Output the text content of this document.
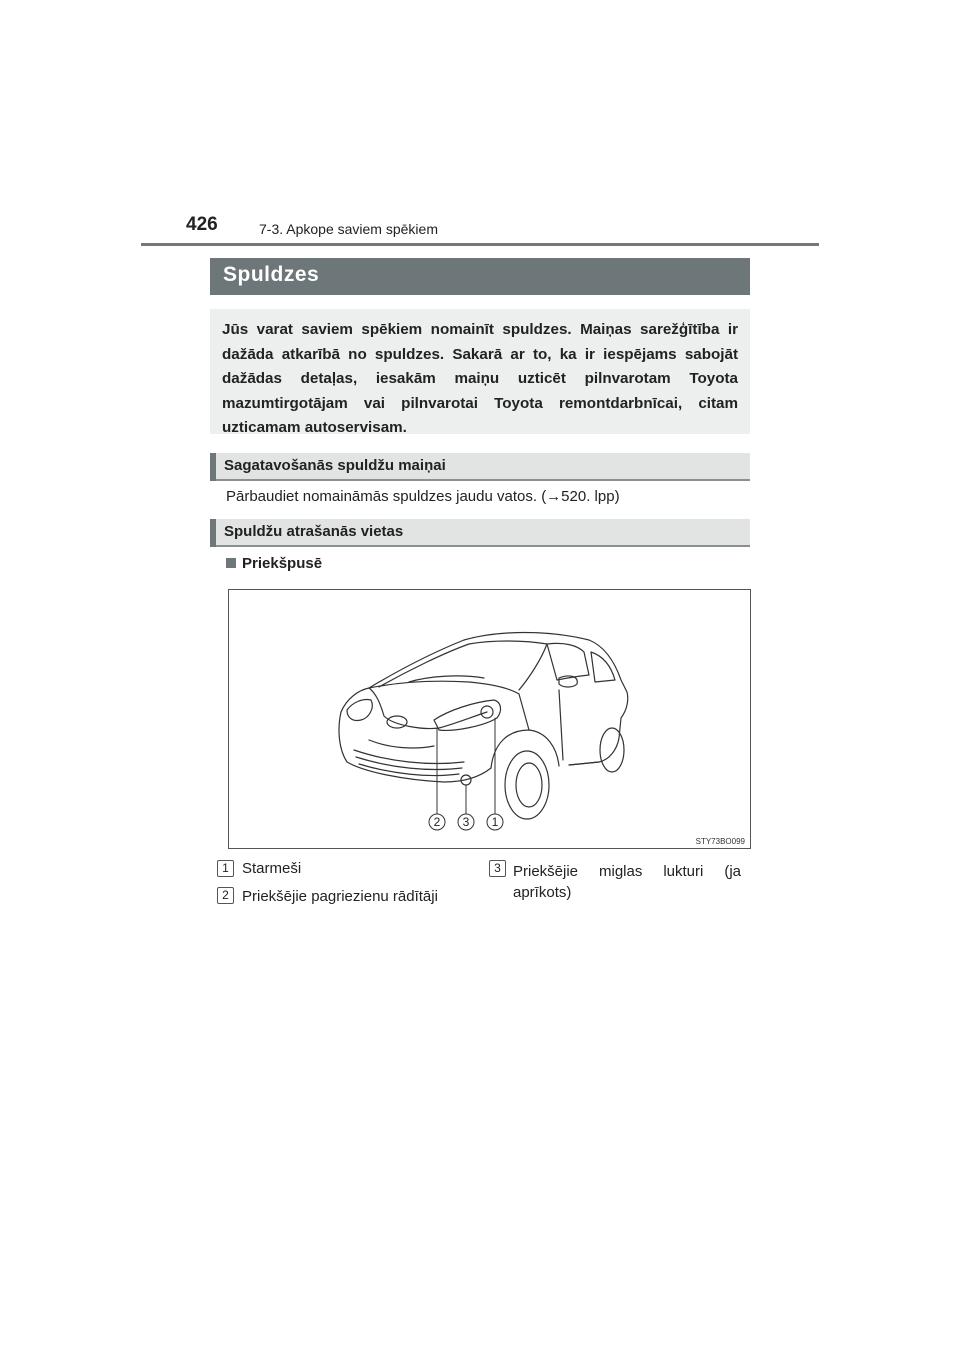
426	7-3. Apkope saviem spēkiem
Spuldzes
Jūs varat saviem spēkiem nomainīt spuldzes. Maiņas sarežģītība ir dažāda atkarībā no spuldzes. Sakarā ar to, ka ir iespējams sabojāt dažādas detaļas, iesakām maiņu uzticēt pilnvarotam Toyota mazumtirgotājam vai pilnvarotai Toyota remontdarbnīcai, citam uzticamam autoservisam.
Sagatavošanās spuldžu maiņai
Pārbaudiet nomaināmās spuldzes jaudu vatos. (→520. lpp)
Spuldžu atrašanās vietas
Priekšpusē
2 3 1
STY73BO099
1 Starmeši
2 Priekšējie pagriezienu rādītāji
3 Priekšējie miglas lukturi (ja
aprīkots)
